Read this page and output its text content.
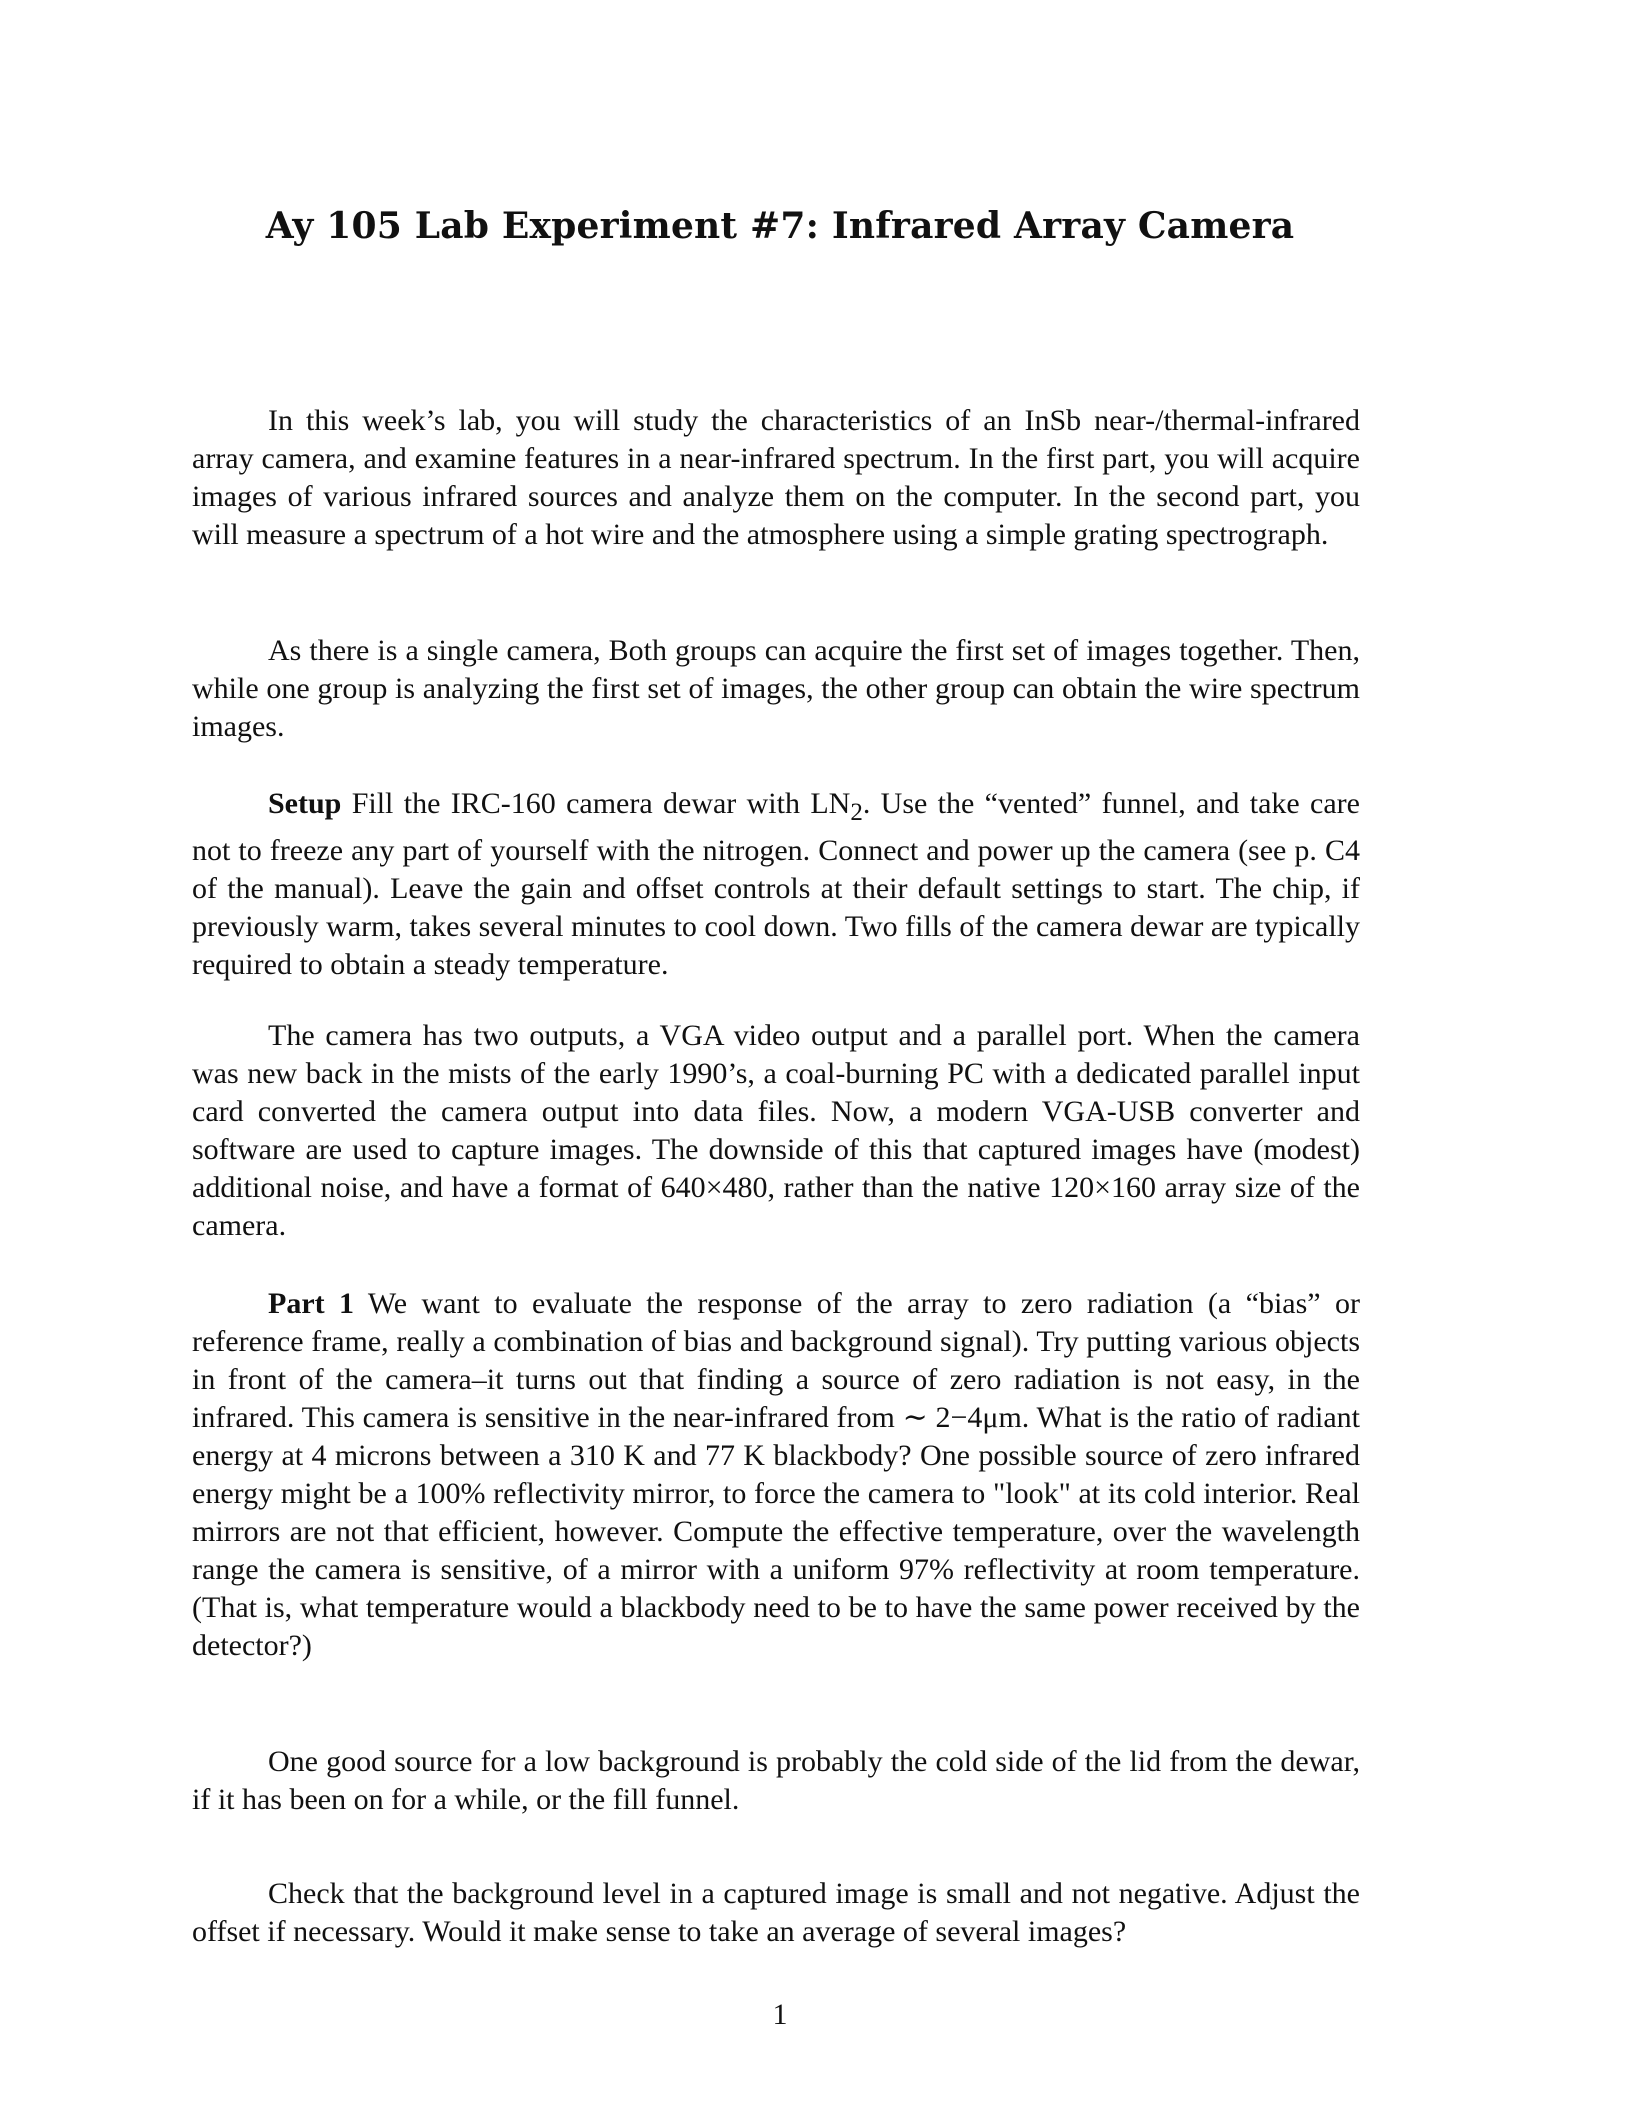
Ay 105 Lab Experiment #7: Infrared Array Camera

In this week’s lab, you will study the characteristics of an InSb near-/thermal-infrared array camera, and examine features in a near-infrared spectrum. In the first part, you will acquire images of various infrared sources and analyze them on the computer. In the second part, you will measure a spectrum of a hot wire and the atmosphere using a simple grating spectrograph.

As there is a single camera, Both groups can acquire the first set of images together. Then, while one group is analyzing the first set of images, the other group can obtain the wire spectrum images.

Setup Fill the IRC-160 camera dewar with $LN_2$. Use the “vented” funnel, and take care not to freeze any part of yourself with the nitrogen. Connect and power up the camera (see p. C4 of the manual). Leave the gain and offset controls at their default settings to start. The chip, if previously warm, takes several minutes to cool down. Two fills of the camera dewar are typically required to obtain a steady temperature.

The camera has two outputs, a VGA video output and a parallel port. When the camera was new back in the mists of the early 1990’s, a coal-burning PC with a dedicated parallel input card converted the camera output into data files. Now, a modern VGA-USB converter and software are used to capture images. The downside of this that captured images have (modest) additional noise, and have a format of 640×480, rather than the native 120×160 array size of the camera.

Part 1 We want to evaluate the response of the array to zero radiation (a “bias” or reference frame, really a combination of bias and background signal). Try putting various objects in front of the camera–it turns out that finding a source of zero radiation is not easy, in the infrared. This camera is sensitive in the near-infrared from ∼ 2−4μm. What is the ratio of radiant energy at 4 microns between a 310 K and 77 K blackbody? One possible source of zero infrared energy might be a 100% reflectivity mirror, to force the camera to "look" at its cold interior. Real mirrors are not that efficient, however. Compute the effective temperature, over the wavelength range the camera is sensitive, of a mirror with a uniform 97% reflectivity at room temperature. (That is, what temperature would a blackbody need to be to have the same power received by the detector?)

One good source for a low background is probably the cold side of the lid from the dewar, if it has been on for a while, or the fill funnel.

Check that the background level in a captured image is small and not negative. Adjust the offset if necessary. Would it make sense to take an average of several images?

1
